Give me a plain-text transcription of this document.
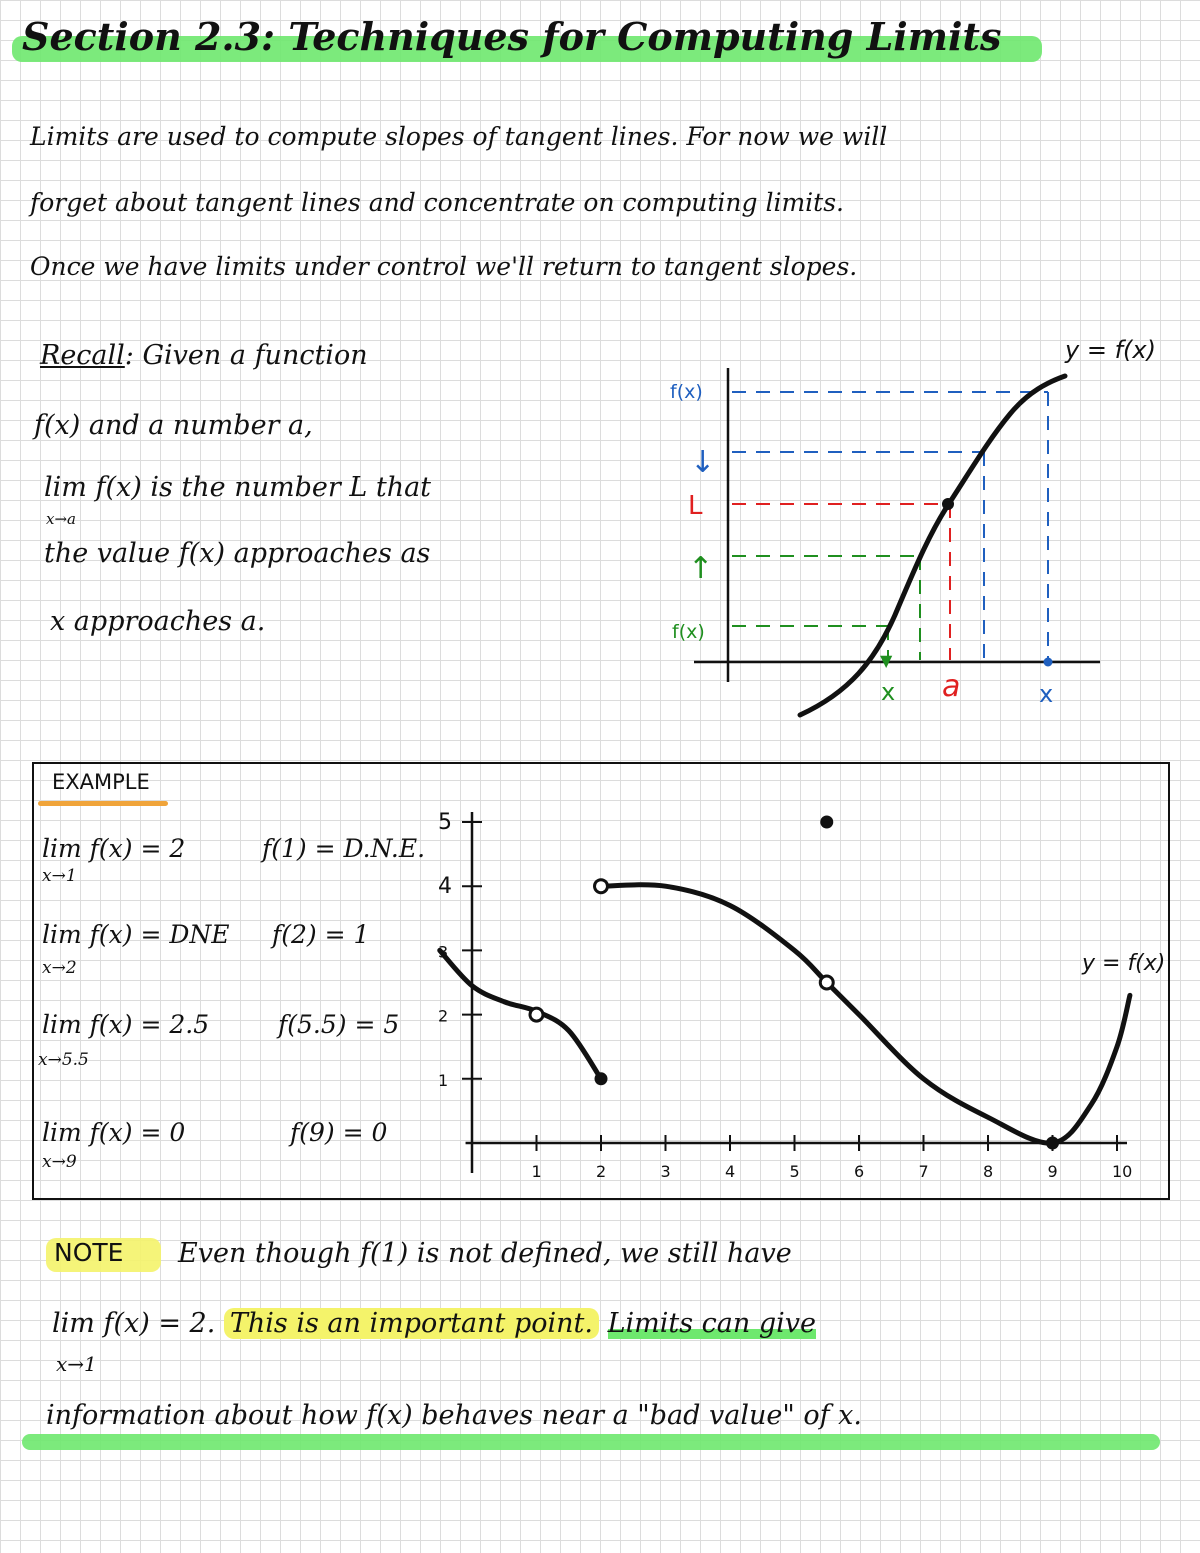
Section 2.3: Techniques for Computing Limits
Limits are used to compute slopes of tangent lines. For now we will
forget about tangent lines and concentrate on computing limits.
Once we have limits under control we'll return to tangent slopes.
Recall: Given a function
f(x) and a number a,
lim f(x) is the number L that
x→a
the value f(x) approaches as
x approaches a.
f(x)
↓
L
↑
f(x)
x a	x
y = f(x)
▼
EXAMPLE
lim f(x) = 2
x→1
f(1) = D.N.E.
lim f(x) = DNE
x→2
f(2) = 1
lim f(x) = 2.5
x→5.5
f(5.5) = 5
lim f(x) = 0
x→9
f(9) = 0
1	2	3	4	5	6	7	8	9	10
1
2
3
4
5
y = f(x)
NOTE Even though f(1) is not defined, we still have
lim f(x) = 2. This is an important point. Limits can give
x→1
information about how f(x) behaves near a "bad value" of x.
